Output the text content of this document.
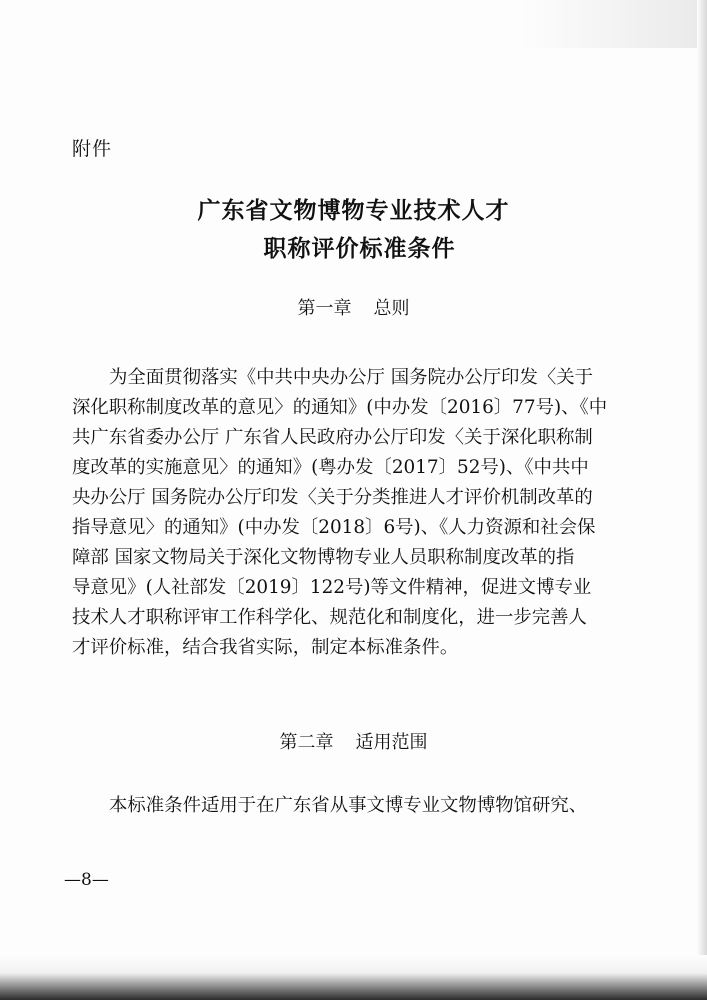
附件
广东省文物博物专业技术人才
职称评价标准条件
第一章 总则

为全面贯彻落实《中共中央办公厅 国务院办公厅印发〈关于
深化职称制度改革的意见〉的通知》(中办发〔2016〕77号)、《中
共广东省委办公厅 广东省人民政府办公厅印发〈关于深化职称制
度改革的实施意见〉的通知》(粤办发〔2017〕52号)、《中共中
央办公厅 国务院办公厅印发〈关于分类推进人才评价机制改革的
指导意见〉的通知》(中办发〔2018〕6号)、《人力资源和社会保
障部 国家文物局关于深化文物博物专业人员职称制度改革的指
导意见》(人社部发〔2019〕122号)等文件精神，促进文博专业
技术人才职称评审工作科学化、规范化和制度化，进一步完善人
才评价标准，结合我省实际，制定本标准条件。

第二章 适用范围

本标准条件适用于在广东省从事文博专业文物博物馆研究、

—8—
